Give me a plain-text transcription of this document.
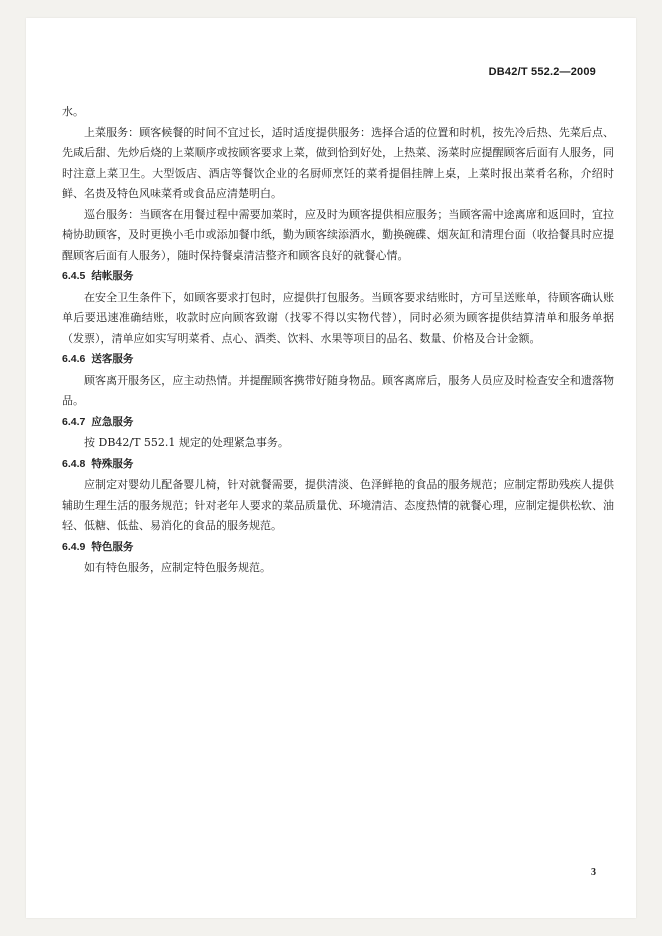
DB42/T 552.2—2009

水。

上菜服务：顾客候餐的时间不宜过长，适时适度提供服务：选择合适的位置和时机，按先冷后热、先菜后点、先咸后甜、先炒后烧的上菜顺序或按顾客要求上菜，做到恰到好处，上热菜、汤菜时应提醒顾客后面有人服务，同时注意上菜卫生。大型饭店、酒店等餐饮企业的名厨师烹饪的菜肴提倡挂牌上桌，上菜时报出菜肴名称，介绍时鲜、名贵及特色风味菜肴或食品应清楚明白。

巡台服务：当顾客在用餐过程中需要加菜时，应及时为顾客提供相应服务；当顾客需中途离席和返回时，宜拉椅协助顾客，及时更换小毛巾或添加餐巾纸，勤为顾客续添酒水，勤换碗碟、烟灰缸和清理台面（收拾餐具时应提醒顾客后面有人服务），随时保持餐桌清洁整齐和顾客良好的就餐心情。

6.4.5 结帐服务

在安全卫生条件下，如顾客要求打包时，应提供打包服务。当顾客要求结账时，方可呈送账单，待顾客确认账单后要迅速准确结账，收款时应向顾客致谢（找零不得以实物代替），同时必须为顾客提供结算清单和服务单据（发票），清单应如实写明菜肴、点心、酒类、饮料、水果等项目的品名、数量、价格及合计金额。

6.4.6 送客服务

顾客离开服务区，应主动热情。并提醒顾客携带好随身物品。顾客离席后，服务人员应及时检查安全和遗落物品。

6.4.7 应急服务

按 DB42/T 552.1 规定的处理紧急事务。

6.4.8 特殊服务

应制定对婴幼儿配备婴儿椅，针对就餐需要，提供清淡、色泽鲜艳的食品的服务规范；应制定帮助残疾人提供辅助生理生活的服务规范；针对老年人要求的菜品质量优、环境清洁、态度热情的就餐心理，应制定提供松软、油轻、低糖、低盐、易消化的食品的服务规范。

6.4.9 特色服务

如有特色服务，应制定特色服务规范。

3
